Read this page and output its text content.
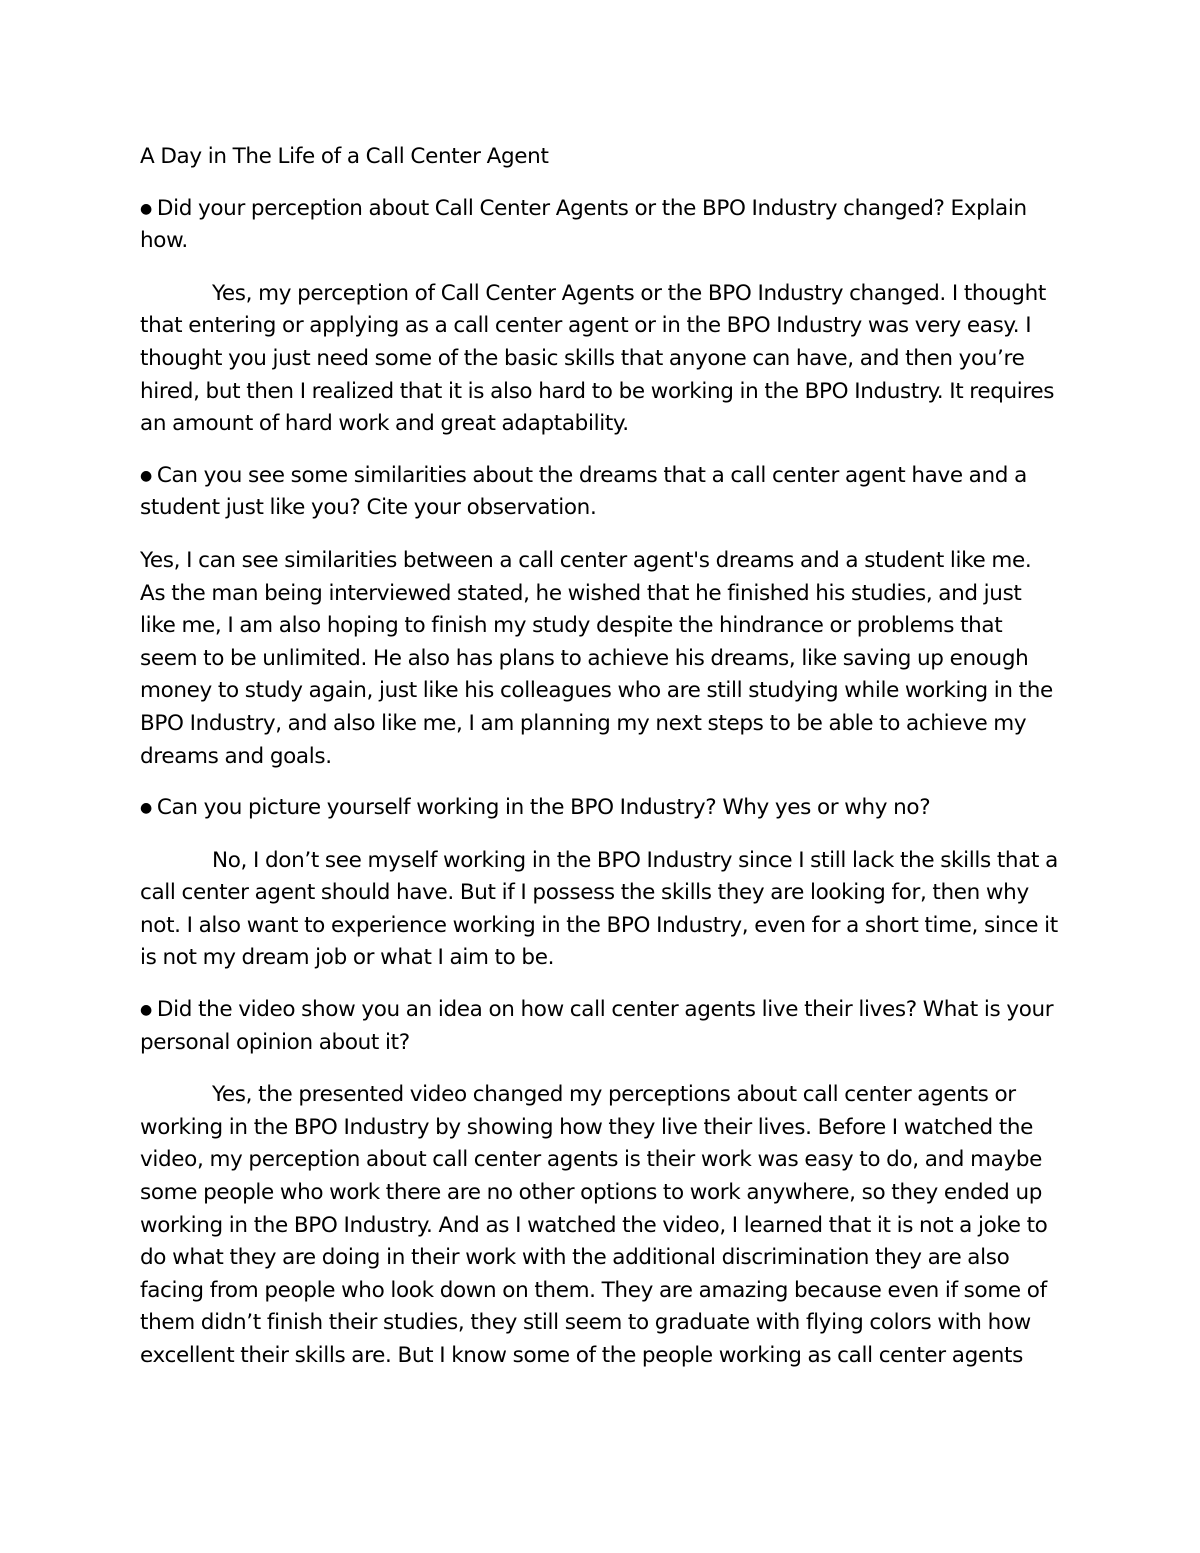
A Day in The Life of a Call Center Agent

● Did your perception about Call Center Agents or the BPO Industry changed? Explain how.

Yes, my perception of Call Center Agents or the BPO Industry changed. I thought that entering or applying as a call center agent or in the BPO Industry was very easy. I thought you just need some of the basic skills that anyone can have, and then you’re hired, but then I realized that it is also hard to be working in the BPO Industry. It requires an amount of hard work and great adaptability.

● Can you see some similarities about the dreams that a call center agent have and a student just like you? Cite your observation.

Yes, I can see similarities between a call center agent's dreams and a student like me. As the man being interviewed stated, he wished that he finished his studies, and just like me, I am also hoping to finish my study despite the hindrance or problems that seem to be unlimited. He also has plans to achieve his dreams, like saving up enough money to study again, just like his colleagues who are still studying while working in the BPO Industry, and also like me, I am planning my next steps to be able to achieve my dreams and goals.

● Can you picture yourself working in the BPO Industry? Why yes or why no?

No, I don’t see myself working in the BPO Industry since I still lack the skills that a call center agent should have. But if I possess the skills they are looking for, then why not. I also want to experience working in the BPO Industry, even for a short time, since it is not my dream job or what I aim to be.

● Did the video show you an idea on how call center agents live their lives? What is your personal opinion about it?

Yes, the presented video changed my perceptions about call center agents or working in the BPO Industry by showing how they live their lives. Before I watched the video, my perception about call center agents is their work was easy to do, and maybe some people who work there are no other options to work anywhere, so they ended up working in the BPO Industry. And as I watched the video, I learned that it is not a joke to do what they are doing in their work with the additional discrimination they are also facing from people who look down on them. They are amazing because even if some of them didn’t finish their studies, they still seem to graduate with flying colors with how excellent their skills are. But I know some of the people working as call center agents
